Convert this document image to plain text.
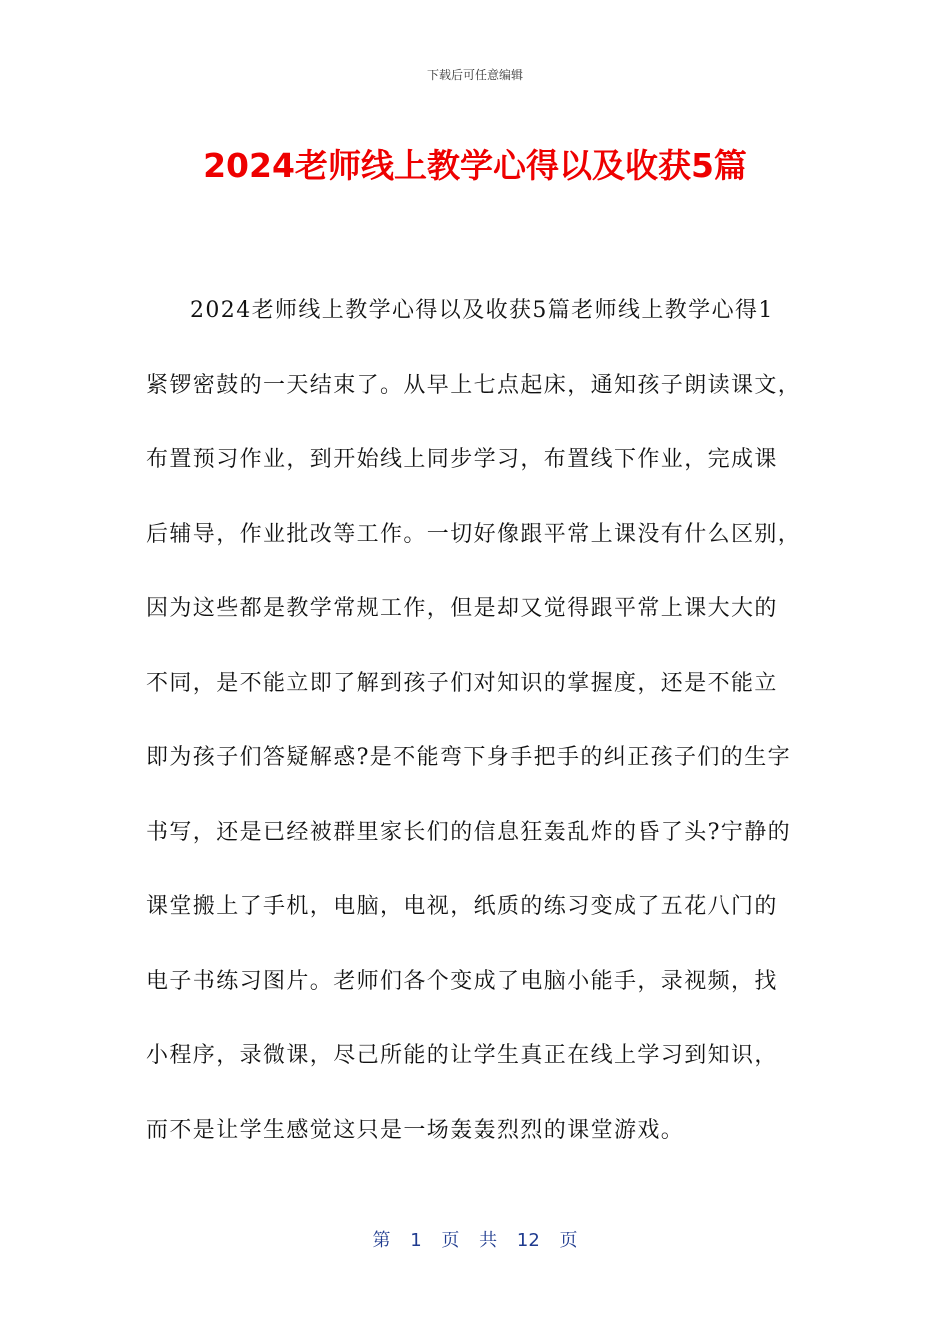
下载后可任意编辑
2024老师线上教学心得以及收获5篇
2024老师线上教学心得以及收获5篇老师线上教学心得1
紧锣密鼓的一天结束了。从早上七点起床，通知孩子朗读课文，
布置预习作业，到开始线上同步学习，布置线下作业，完成课
后辅导，作业批改等工作。一切好像跟平常上课没有什么区别，
因为这些都是教学常规工作，但是却又觉得跟平常上课大大的
不同，是不能立即了解到孩子们对知识的掌握度，还是不能立
即为孩子们答疑解惑?是不能弯下身手把手的纠正孩子们的生字
书写，还是已经被群里家长们的信息狂轰乱炸的昏了头?宁静的
课堂搬上了手机，电脑，电视，纸质的练习变成了五花八门的
电子书练习图片。老师们各个变成了电脑小能手，录视频，找
小程序，录微课，尽己所能的让学生真正在线上学习到知识，
而不是让学生感觉这只是一场轰轰烈烈的课堂游戏。
第 1 页 共 12 页
